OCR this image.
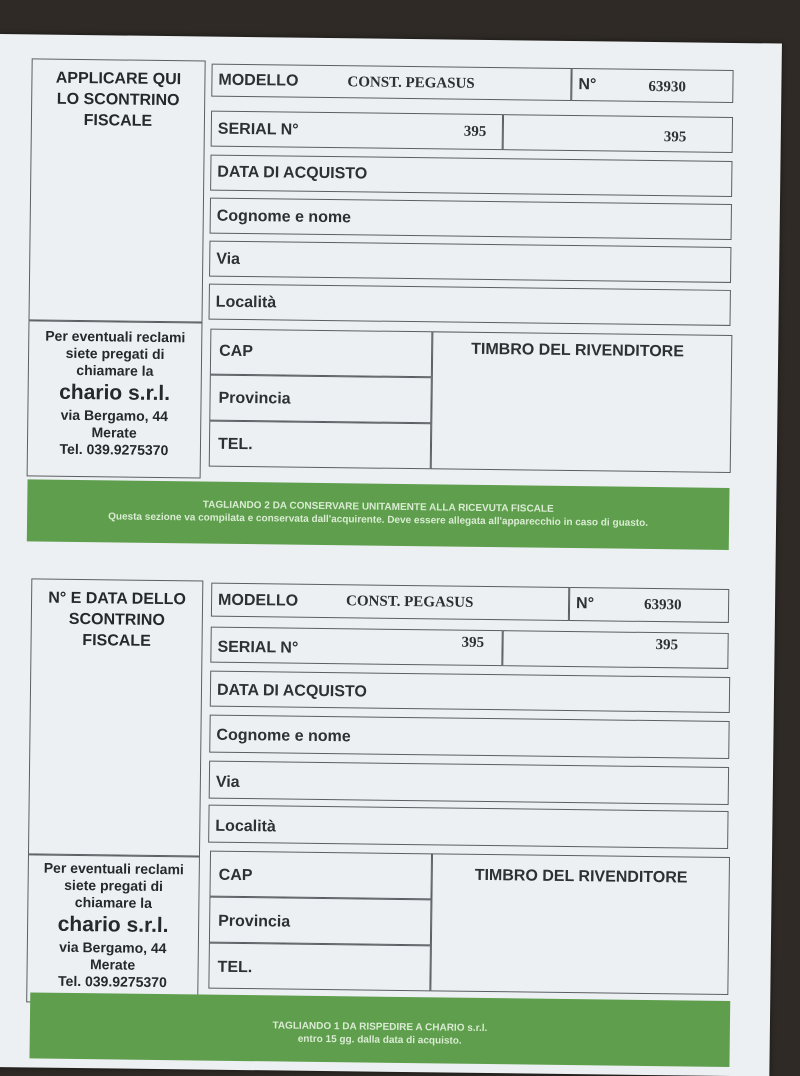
APPLICARE QUI
LO SCONTRINO
FISCALE
Per eventuali reclami
siete pregati di
chiamare la
chario s.r.l.
via Bergamo, 44
Merate
Tel. 039.9275370
MODELLO	CONST. PEGASUS	N°	63930
SERIAL N°	395	395
DATA DI ACQUISTO
Cognome e nome
Via
Località
CAP
Provincia
TEL.
TIMBRO DEL RIVENDITORE
TAGLIANDO 2 DA CONSERVARE UNITAMENTE ALLA RICEVUTA FISCALE
Questa sezione va compilata e conservata dall'acquirente. Deve essere allegata all'apparecchio in caso di guasto.
N° E DATA DELLO
SCONTRINO
FISCALE
Per eventuali reclami
siete pregati di
chiamare la
chario s.r.l.
via Bergamo, 44
Merate
Tel. 039.9275370
MODELLO	CONST. PEGASUS	N°	63930
SERIAL N°	395	395
DATA DI ACQUISTO
Cognome e nome
Via
Località
CAP
Provincia
TEL.
TIMBRO DEL RIVENDITORE
TAGLIANDO 1 DA RISPEDIRE A CHARIO s.r.l.
entro 15 gg. dalla data di acquisto.
